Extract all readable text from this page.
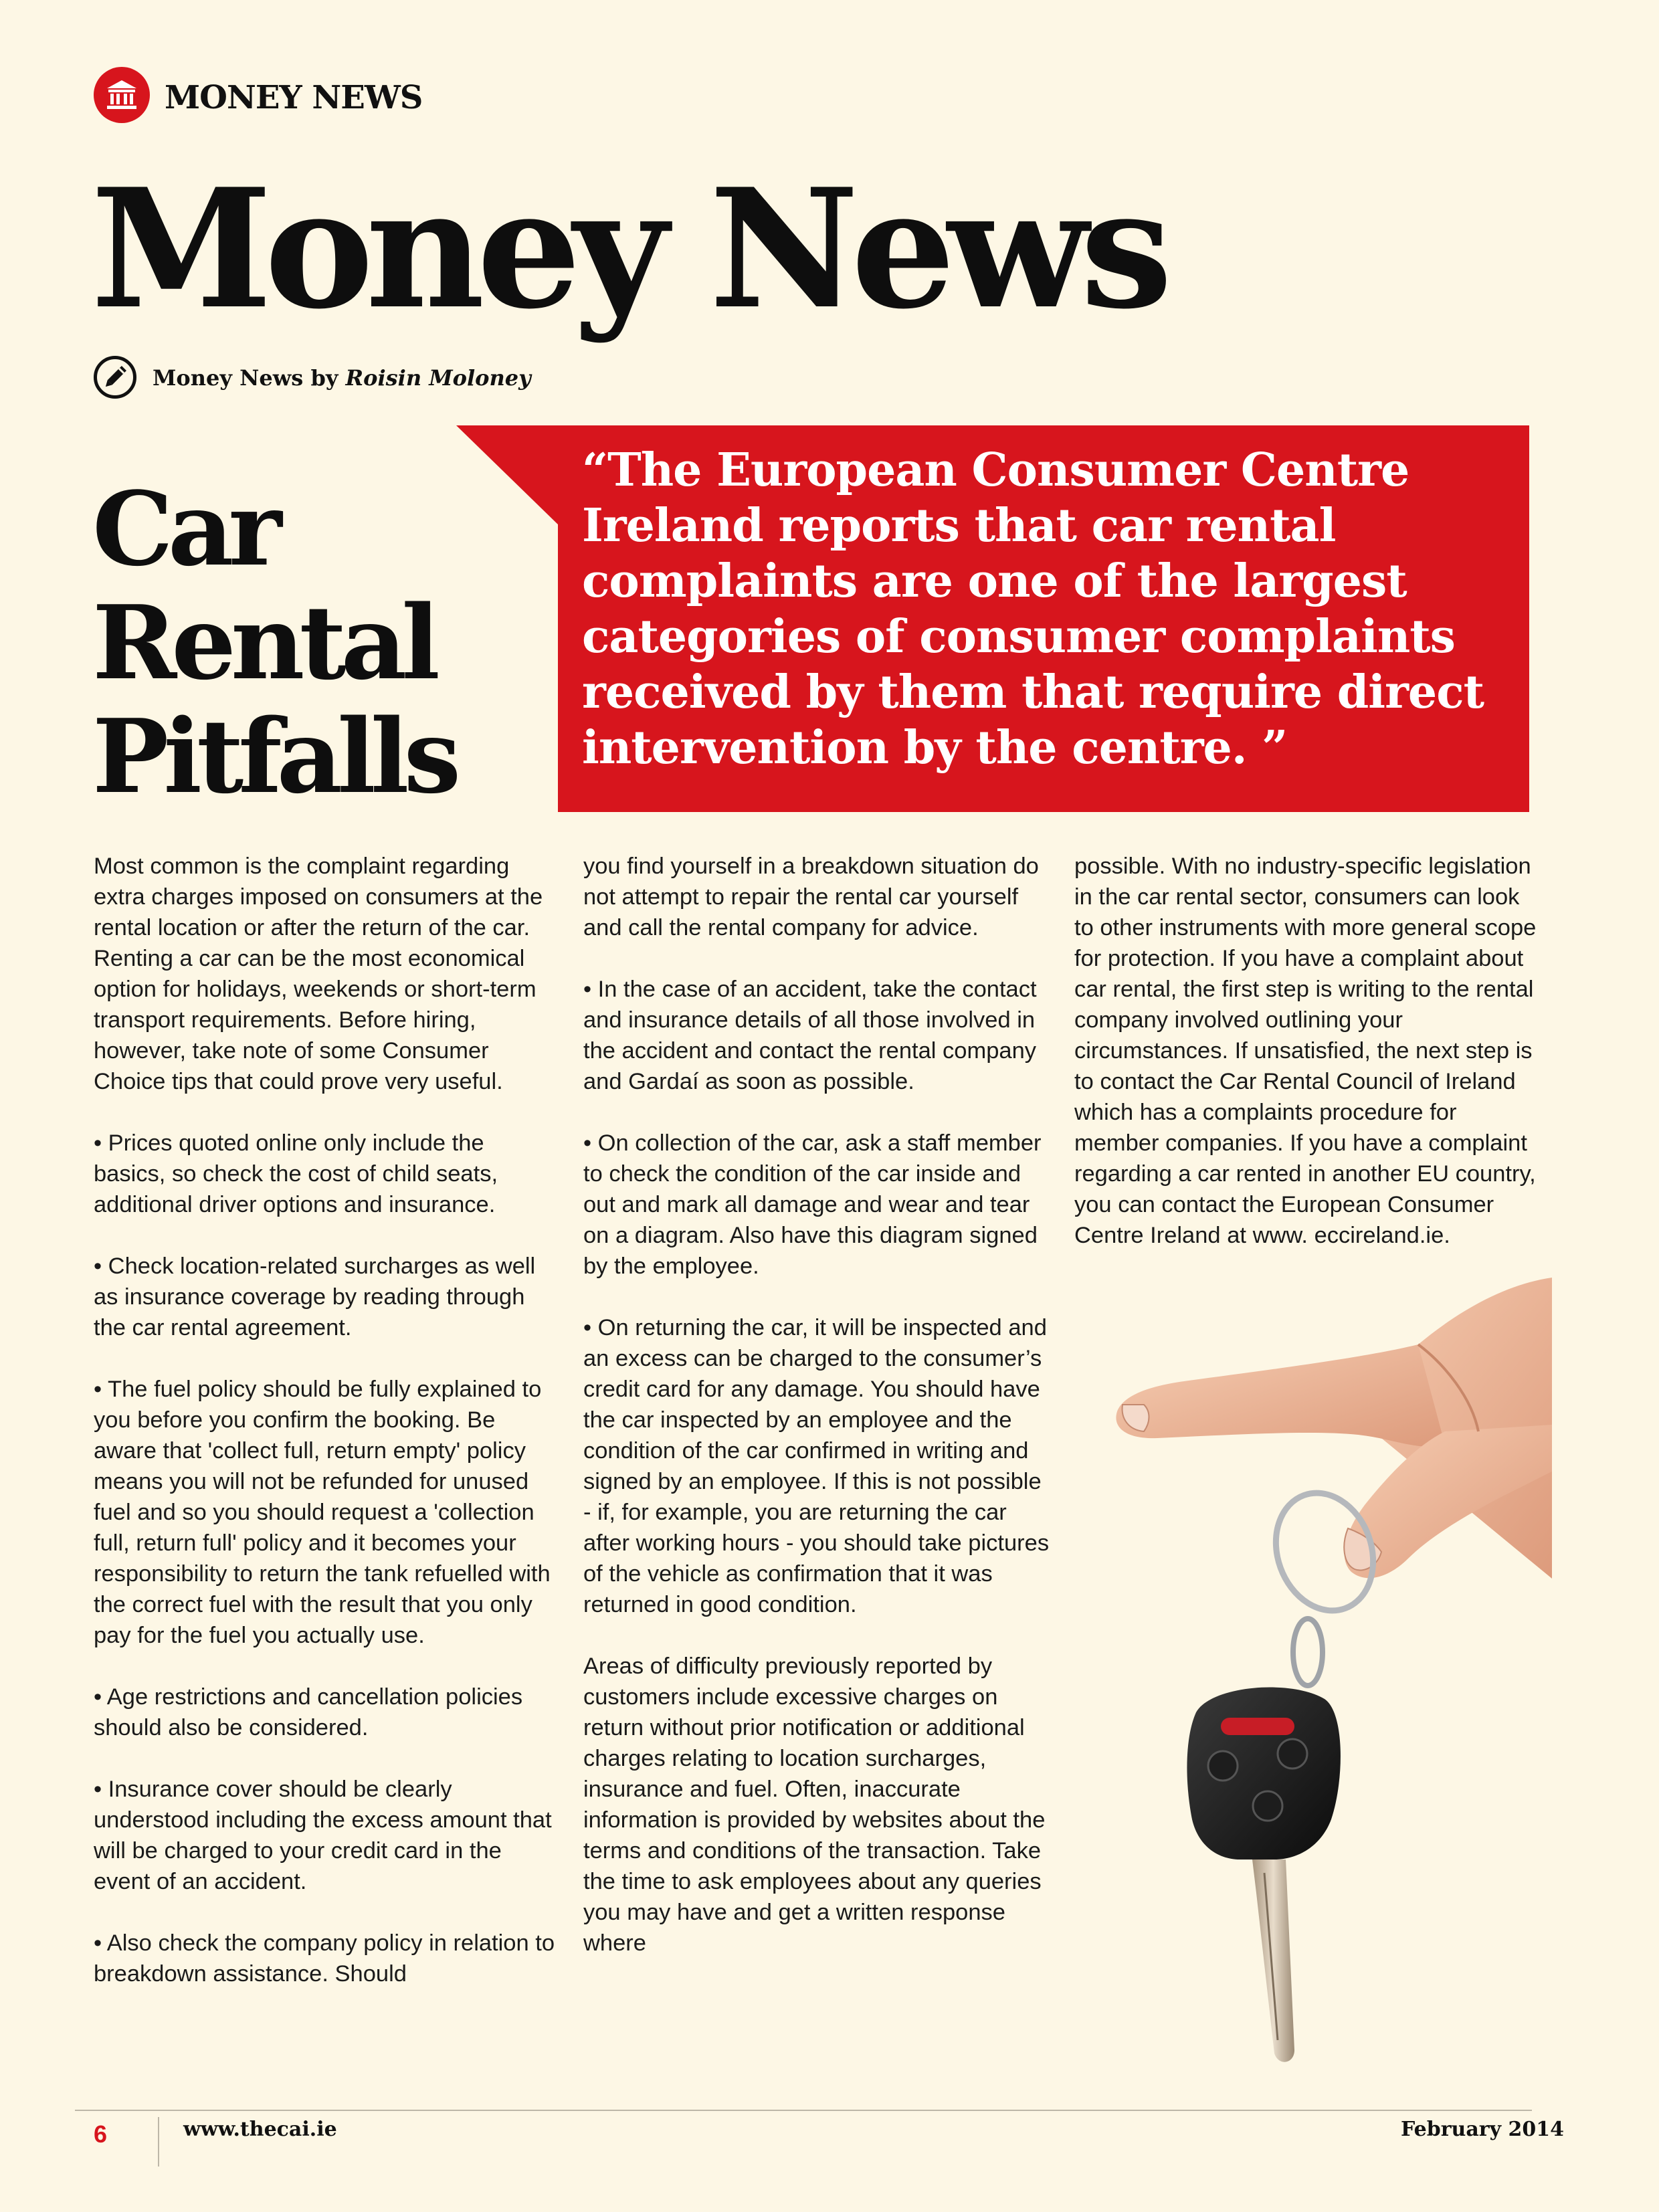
MONEY NEWS
Money News
Money News by Roisin Moloney
Car
Rental
Pitfalls
“The European Consumer Centre Ireland reports that car rental complaints are one of the largest categories of consumer complaints received by them that require direct intervention by the centre. ”

Most common is the complaint regarding extra charges imposed on consumers at the rental location or after the return of the car. Renting a car can be the most economical option for holidays, weekends or short-term transport requirements. Before hiring, however, take note of some Consumer Choice tips that could prove very useful.

• Prices quoted online only include the basics, so check the cost of child seats, additional driver options and insurance.

• Check location-related surcharges as well as insurance coverage by reading through the car rental agreement.

• The fuel policy should be fully explained to you before you confirm the booking. Be aware that 'collect full, return empty' policy means you will not be refunded for unused fuel and so you should request a 'collection full, return full' policy and it becomes your responsibility to return the tank refuelled with the correct fuel with the result that you only pay for the fuel you actually use.

• Age restrictions and cancellation policies should also be considered.

• Insurance cover should be clearly understood including the excess amount that will be charged to your credit card in the event of an accident.

• Also check the company policy in relation to breakdown assistance. Should

you find yourself in a breakdown situation do not attempt to repair the rental car yourself and call the rental company for advice.

• In the case of an accident, take the contact and insurance details of all those involved in the accident and contact the rental company and Gardaí as soon as possible.

• On collection of the car, ask a staff member to check the condition of the car inside and out and mark all damage and wear and tear on a diagram. Also have this diagram signed by the employee.

• On returning the car, it will be inspected and an excess can be charged to the consumer’s credit card for any damage. You should have the car inspected by an employee and the condition of the car confirmed in writing and signed by an employee. If this is not possible - if, for example, you are returning the car after working hours - you should take pictures of the vehicle as confirmation that it was returned in good condition.

Areas of difficulty previously reported by customers include excessive charges on return without prior notification or additional charges relating to location surcharges, insurance and fuel. Often, inaccurate information is provided by websites about the terms and conditions of the transaction. Take the time to ask employees about any queries you may have and get a written response where

possible. With no industry-specific legislation in the car rental sector, consumers can look to other instruments with more general scope for protection. If you have a complaint about car rental, the first step is writing to the rental company involved outlining your circumstances. If unsatisfied, the next step is to contact the Car Rental Council of Ireland which has a complaints procedure for member companies. If you have a complaint regarding a car rented in another EU country, you can contact the European Consumer Centre Ireland at www. eccireland.ie.

6	www.thecai.ie	February 2014
